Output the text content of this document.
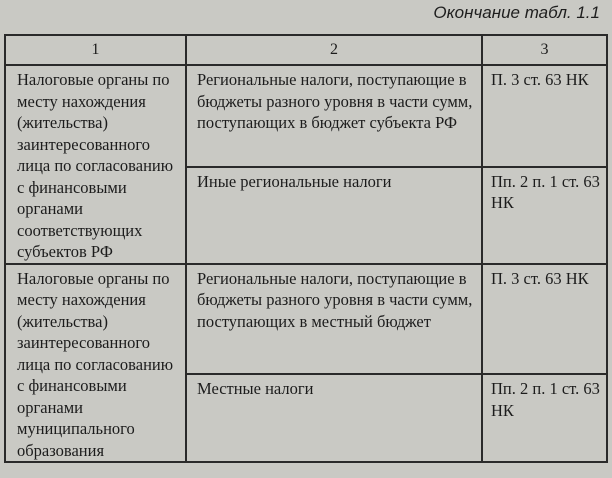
Окончание табл. 1.1
1	2	3

Налоговые органы по месту нахождения (жительства) заинтересованного лица по согласованию с финансовыми органами соответствующих субъектов РФ	Региональные налоги, поступающие в бюджеты разного уровня в части сумм, поступающих в бюджет субъекта РФ	П. 3 ст. 63 НК

	Иные региональные налоги	Пп. 2 п. 1 ст. 63 НК

Налоговые органы по месту нахождения (жительства) заинтересованного лица по согласованию с финансовыми органами муниципального образования	Региональные налоги, поступающие в бюджеты разного уровня в части сумм, поступающих в местный бюджет	П. 3 ст. 63 НК

	Местные налоги	Пп. 2 п. 1 ст. 63 НК
